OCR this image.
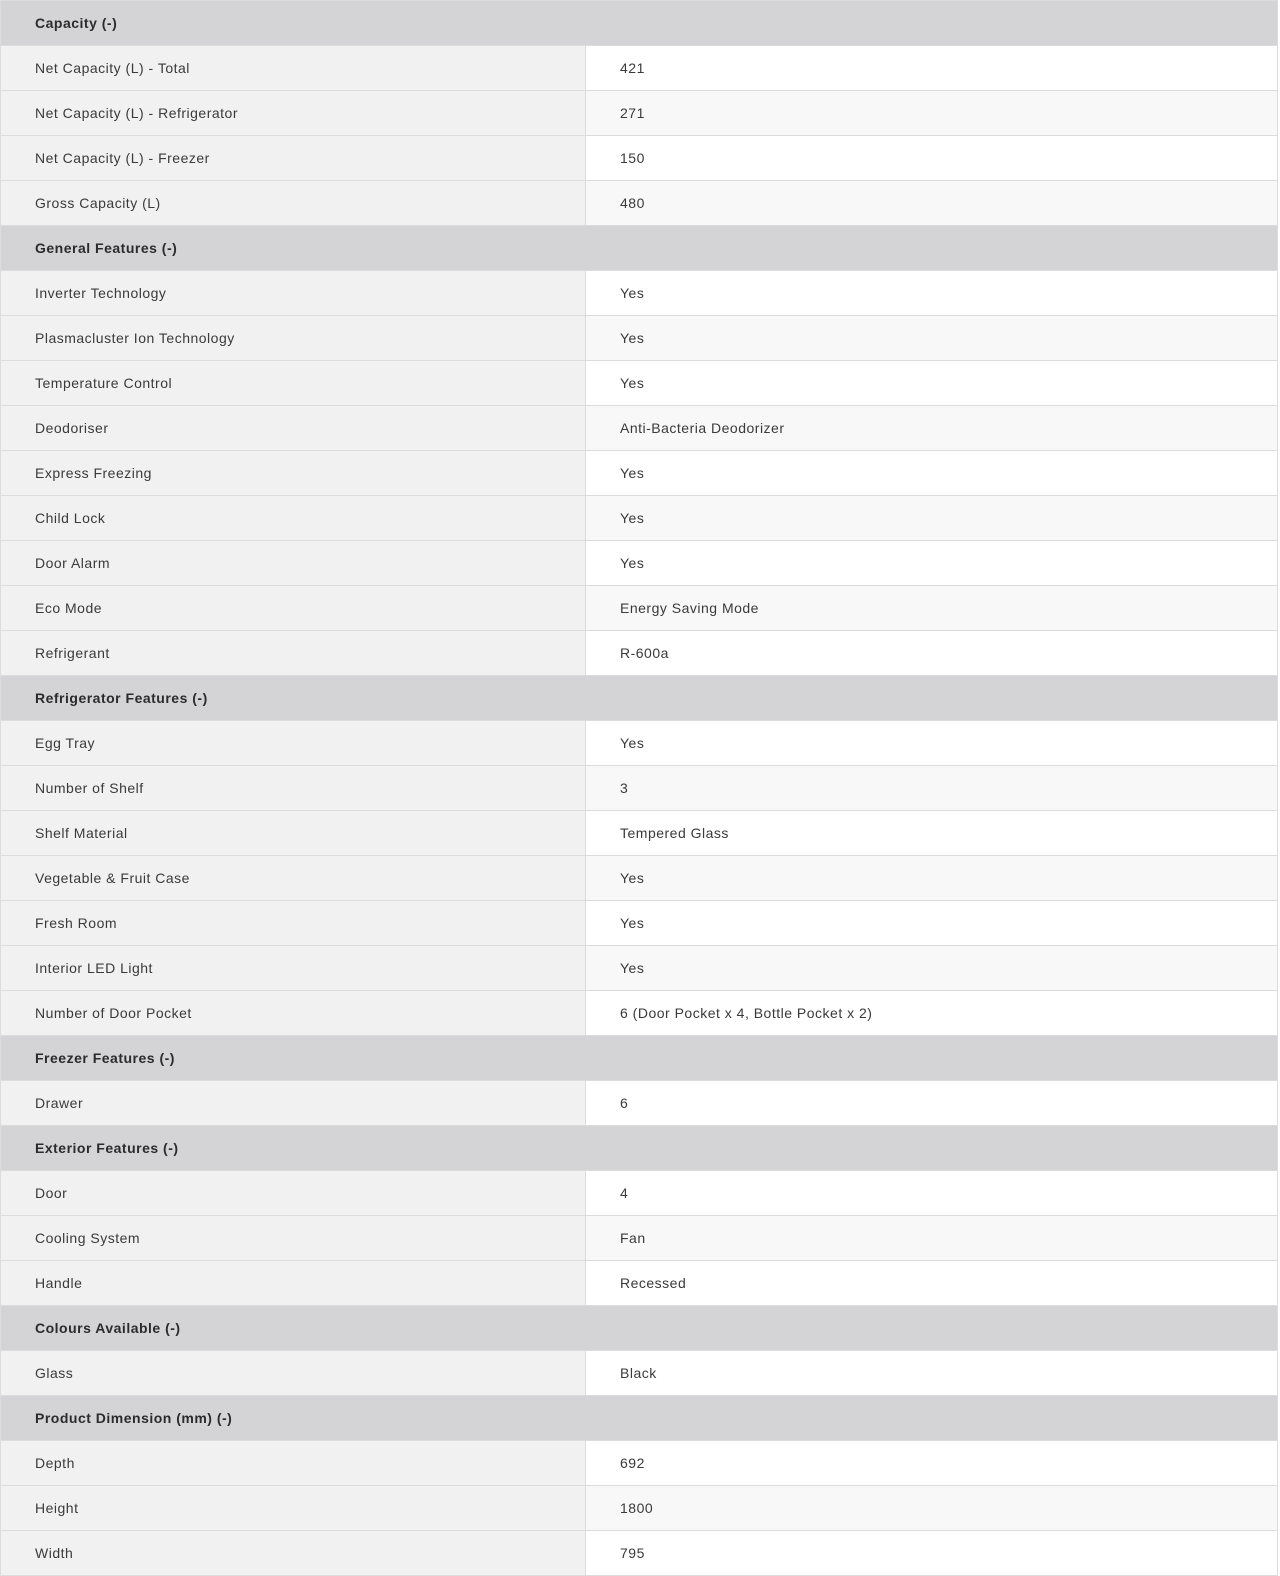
Capacity (-)
Net Capacity (L) - Total	421
Net Capacity (L) - Refrigerator	271
Net Capacity (L) - Freezer	150
Gross Capacity (L)	480
General Features (-)
Inverter Technology	Yes
Plasmacluster Ion Technology	Yes
Temperature Control	Yes
Deodoriser	Anti-Bacteria Deodorizer
Express Freezing	Yes
Child Lock	Yes
Door Alarm	Yes
Eco Mode	Energy Saving Mode
Refrigerant	R-600a
Refrigerator Features (-)
Egg Tray	Yes
Number of Shelf	3
Shelf Material	Tempered Glass
Vegetable & Fruit Case	Yes
Fresh Room	Yes
Interior LED Light	Yes
Number of Door Pocket	6 (Door Pocket x 4, Bottle Pocket x 2)
Freezer Features (-)
Drawer	6
Exterior Features (-)
Door	4
Cooling System	Fan
Handle	Recessed
Colours Available (-)
Glass	Black
Product Dimension (mm) (-)
Depth	692
Height	1800
Width	795
